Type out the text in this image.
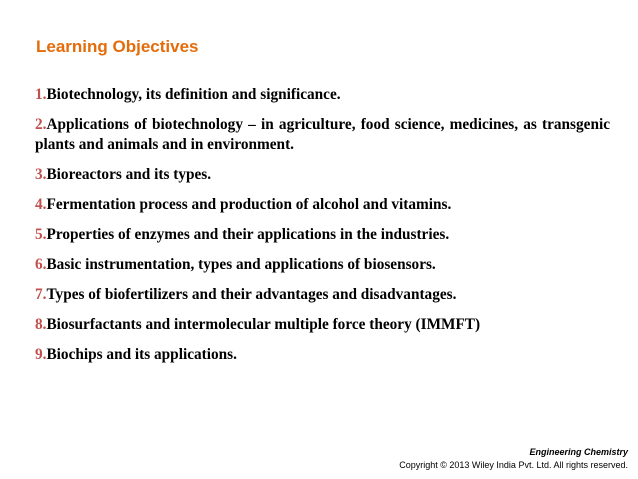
Learning Objectives
1.Biotechnology, its definition and significance.
2.Applications of biotechnology – in agriculture, food science, medicines, as transgenic plants and animals and in environment.
3.Bioreactors and its types.
4.Fermentation process and production of alcohol and vitamins.
5.Properties of enzymes and their applications in the industries.
6.Basic instrumentation, types and applications of biosensors.
7.Types of biofertilizers and their advantages and disadvantages.
8.Biosurfactants and intermolecular multiple force theory (IMMFT)
9.Biochips and its applications.
Engineering Chemistry
Copyright © 2013 Wiley India Pvt. Ltd. All rights reserved.
